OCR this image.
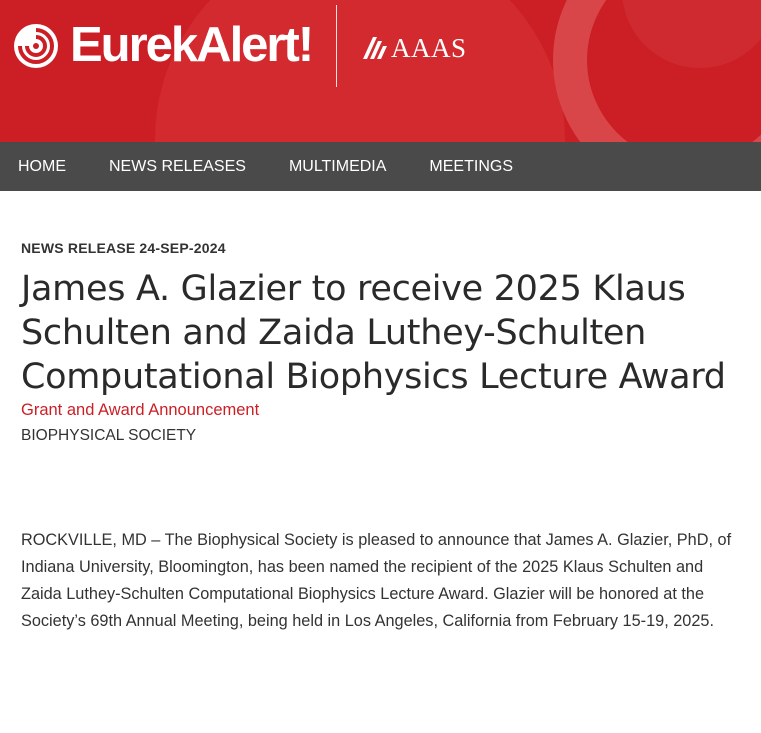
EurekAlert!	AAAS
HOME	NEWS RELEASES	MULTIMEDIA	MEETINGS
NEWS RELEASE 24-SEP-2024
James A. Glazier to receive 2025 Klaus Schulten and Zaida Luthey-Schulten Computational Biophysics Lecture Award
Grant and Award Announcement
BIOPHYSICAL SOCIETY

ROCKVILLE, MD – The Biophysical Society is pleased to announce that James A. Glazier, PhD, of Indiana University, Bloomington, has been named the recipient of the 2025 Klaus Schulten and Zaida Luthey-Schulten Computational Biophysics Lecture Award. Glazier will be honored at the Society’s 69th Annual Meeting, being held in Los Angeles, California from February 15-19, 2025.
